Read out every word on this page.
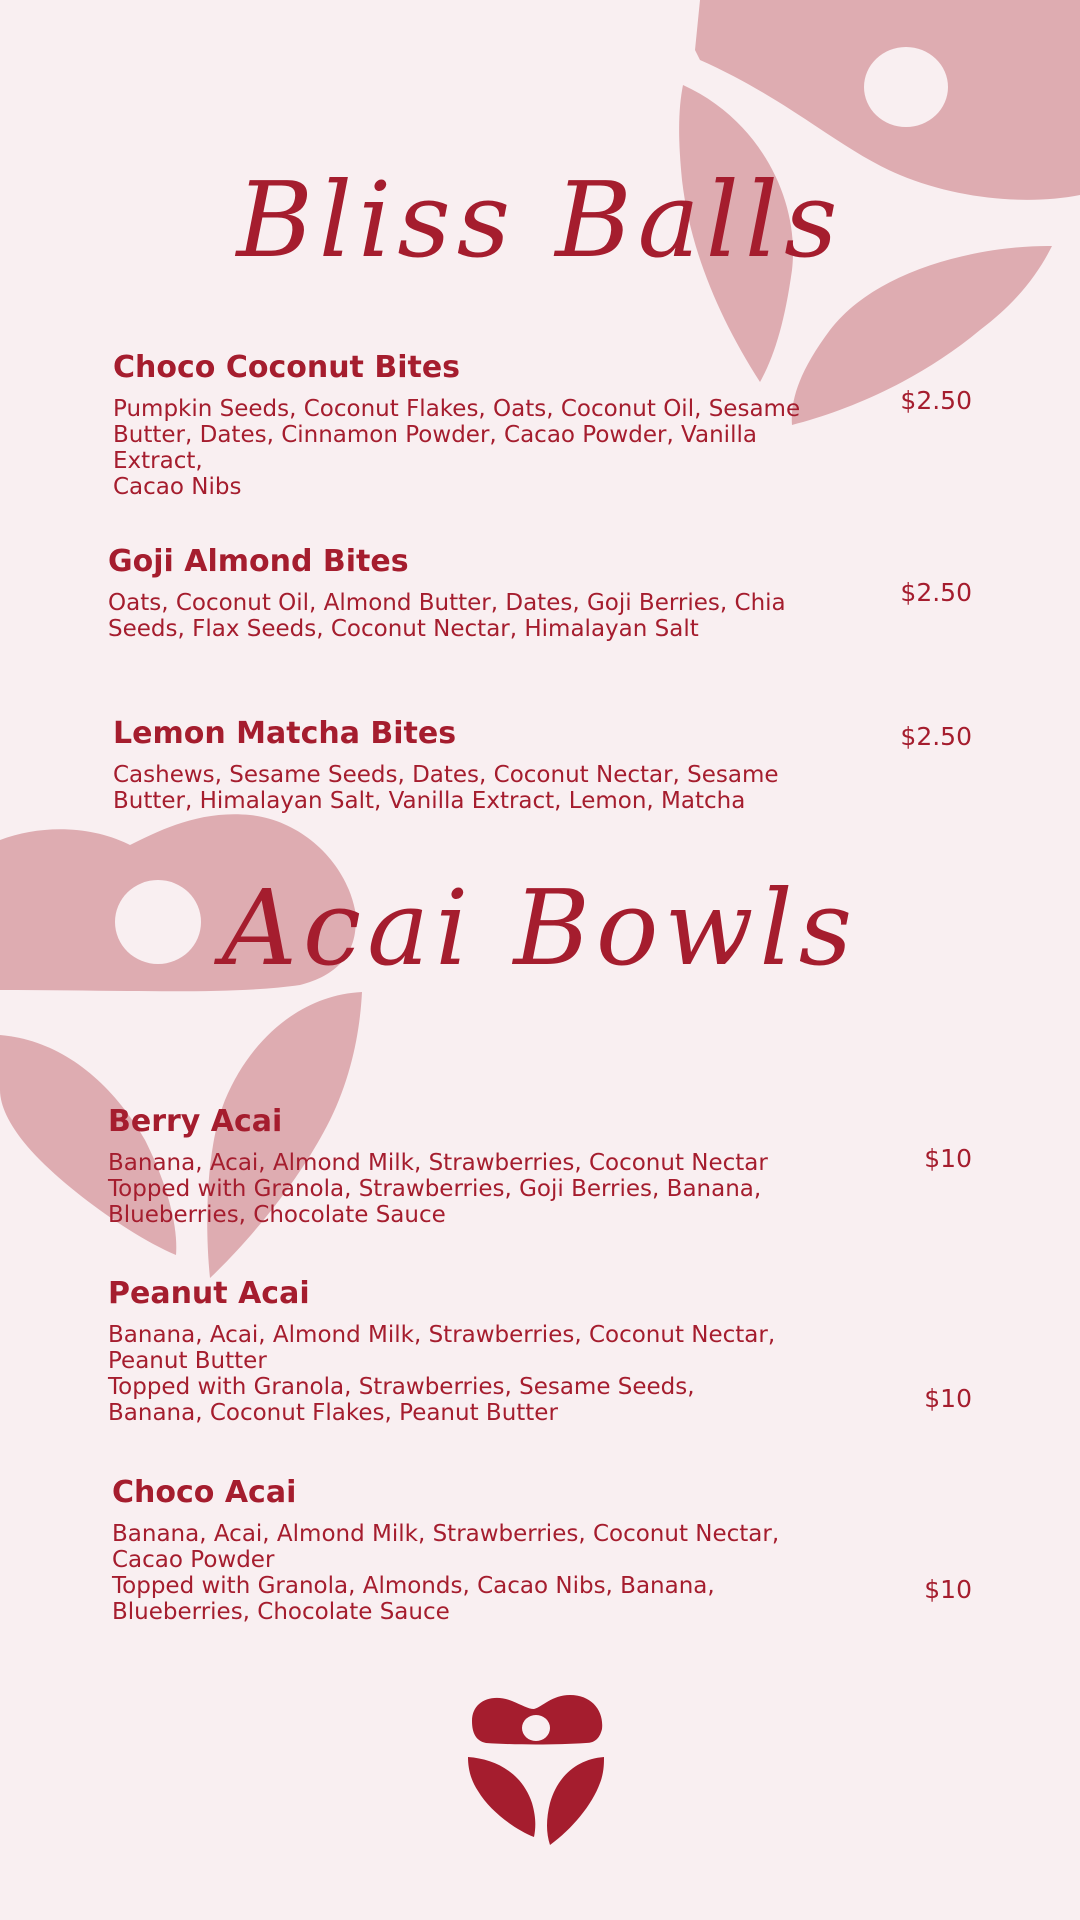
Bliss Balls
Choco Coconut Bites
Pumpkin Seeds, Coconut Flakes, Oats, Coconut Oil, Sesame
Butter, Dates, Cinnamon Powder, Cacao Powder, Vanilla Extract,
Cacao Nibs
$2.50
Goji Almond Bites
Oats, Coconut Oil, Almond Butter, Dates, Goji Berries, Chia
Seeds, Flax Seeds, Coconut Nectar, Himalayan Salt
$2.50
Lemon Matcha Bites
Cashews, Sesame Seeds, Dates, Coconut Nectar, Sesame
Butter, Himalayan Salt, Vanilla Extract, Lemon, Matcha
$2.50
Acai Bowls
Berry Acai
Banana, Acai, Almond Milk, Strawberries, Coconut Nectar
Topped with Granola, Strawberries, Goji Berries, Banana,
Blueberries, Chocolate Sauce
$10
Peanut Acai
Banana, Acai, Almond Milk, Strawberries, Coconut Nectar,
Peanut Butter
Topped with Granola, Strawberries, Sesame Seeds,
Banana, Coconut Flakes, Peanut Butter	$10
Choco Acai
Banana, Acai, Almond Milk, Strawberries, Coconut Nectar,
Cacao Powder
Topped with Granola, Almonds, Cacao Nibs, Banana,
Blueberries, Chocolate Sauce
$10
